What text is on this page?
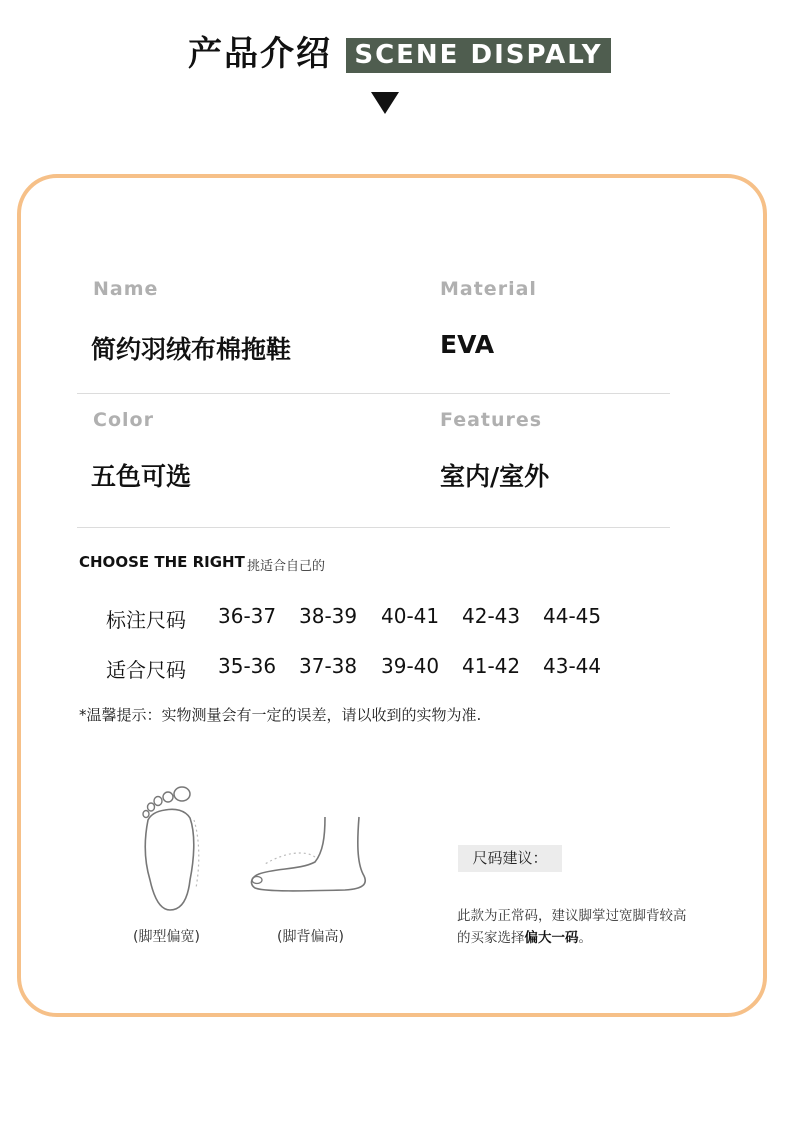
产品介绍 SCENE DISPALY
Name
简约羽绒布棉拖鞋
Material
EVA
Color
五色可选
Features
室内/室外
CHOOSE THE RIGHT 挑适合自己的
标注尺码 36-37 38-39 40-41 42-43 44-45
适合尺码 35-36 37-38 39-40 41-42 43-44
*温馨提示：实物测量会有一定的误差，请以收到的实物为准.
(脚型偏宽)	(脚背偏高)
尺码建议：
此款为正常码，建议脚掌过宽脚背较高的买家选择偏大一码。
